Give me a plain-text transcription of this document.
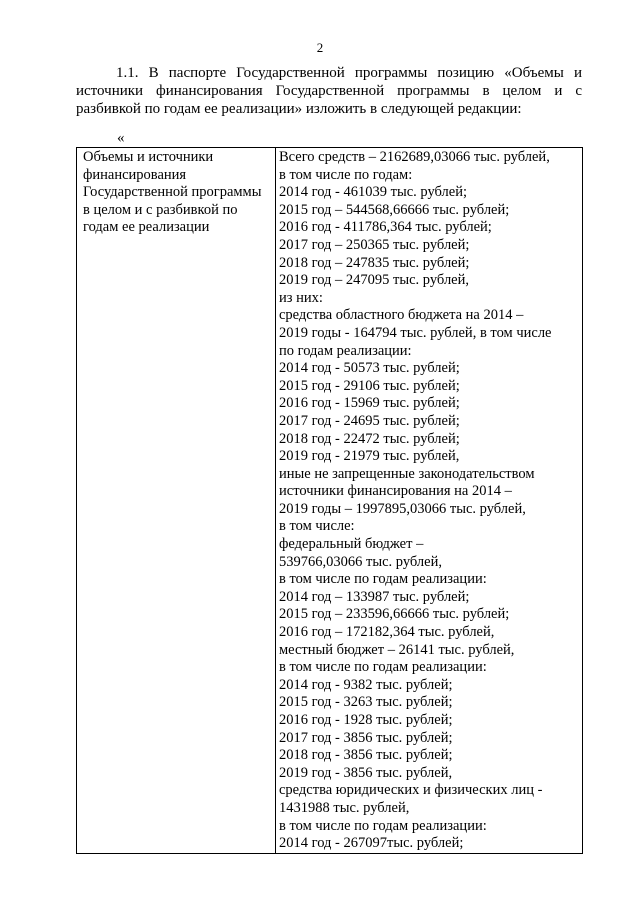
2

1.1. В паспорте Государственной программы позицию «Объемы и источники финансирования Государственной программы в целом и с разбивкой по годам ее реализации» изложить в следующей редакции:

«
Объемы и источники финансирования Государственной программы в целом и с разбивкой по годам ее реализации

Всего средств – 2162689,03066 тыс. рублей,
в том числе по годам:
2014 год - 461039 тыс. рублей;
2015 год – 544568,66666 тыс. рублей;
2016 год - 411786,364 тыс. рублей;
2017 год – 250365 тыс. рублей;
2018 год – 247835 тыс. рублей;
2019 год – 247095 тыс. рублей,
из них:
средства областного бюджета на 2014 –
2019 годы - 164794 тыс. рублей, в том числе
по годам реализации:
2014 год - 50573 тыс. рублей;
2015 год - 29106 тыс. рублей;
2016 год - 15969 тыс. рублей;
2017 год - 24695 тыс. рублей;
2018 год - 22472 тыс. рублей;
2019 год - 21979 тыс. рублей,
иные не запрещенные законодательством
источники финансирования на 2014 –
2019 годы – 1997895,03066 тыс. рублей,
в том числе:
федеральный бюджет –
539766,03066 тыс. рублей,
в том числе по годам реализации:
2014 год – 133987 тыс. рублей;
2015 год – 233596,66666 тыс. рублей;
2016 год – 172182,364 тыс. рублей,
местный бюджет – 26141 тыс. рублей,
в том числе по годам реализации:
2014 год - 9382 тыс. рублей;
2015 год - 3263 тыс. рублей;
2016 год - 1928 тыс. рублей;
2017 год - 3856 тыс. рублей;
2018 год - 3856 тыс. рублей;
2019 год - 3856 тыс. рублей,
средства юридических и физических лиц -
1431988 тыс. рублей,
в том числе по годам реализации:
2014 год - 267097тыс. рублей;
